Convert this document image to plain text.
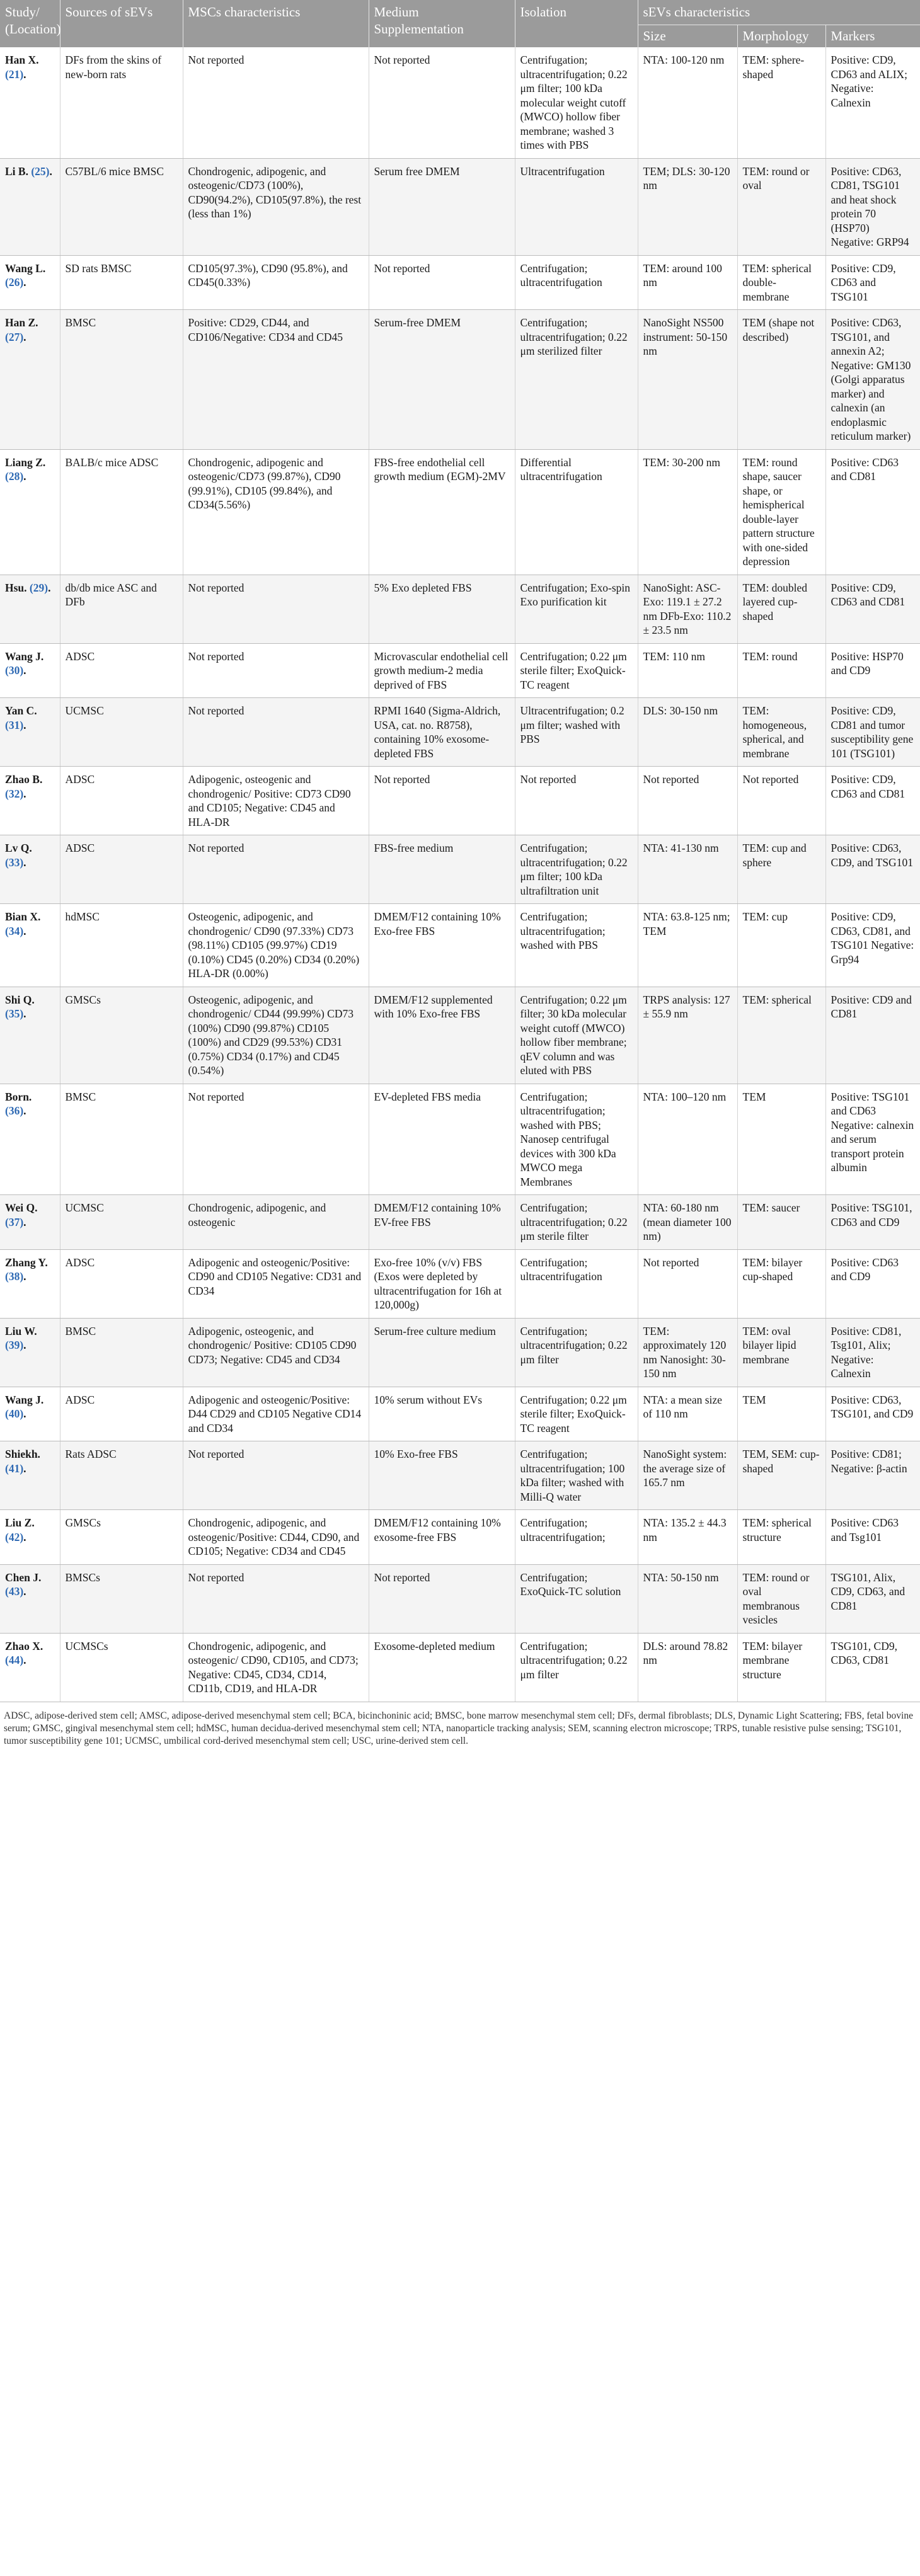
Study/ (Location)	Sources of sEVs	MSCs characteristics	Medium Supplementation	Isolation	sEVs characteristics		
					Size	Morphology	Markers
Han X. (21).	DFs from the skins of new-born rats	Not reported	Not reported	Centrifugation; ultracentrifugation; 0.22 μm filter; 100 kDa molecular weight cutoff (MWCO) hollow fiber membrane; washed 3 times with PBS	NTA: 100-120 nm	TEM: sphere-shaped	Positive: CD9, CD63 and ALIX; Negative: Calnexin
Li B. (25).	C57BL/6 mice BMSC	Chondrogenic, adipogenic, and osteogenic/CD73 (100%), CD90(94.2%), CD105(97.8%), the rest (less than 1%)	Serum free DMEM	Ultracentrifugation	TEM; DLS: 30-120 nm	TEM: round or oval	Positive: CD63, CD81, TSG101 and heat shock protein 70 (HSP70) Negative: GRP94
Wang L. (26).	SD rats BMSC	CD105(97.3%), CD90 (95.8%), and CD45(0.33%)	Not reported	Centrifugation; ultracentrifugation	TEM: around 100 nm	TEM: spherical double-membrane	Positive: CD9, CD63 and TSG101
Han Z. (27).	BMSC	Positive: CD29, CD44, and CD106/Negative: CD34 and CD45	Serum-free DMEM	Centrifugation; ultracentrifugation; 0.22 μm sterilized filter	NanoSight NS500 instrument: 50-150 nm	TEM (shape not described)	Positive: CD63, TSG101, and annexin A2; Negative: GM130 (Golgi apparatus marker) and calnexin (an endoplasmic reticulum marker)
Liang Z. (28).	BALB/c mice ADSC	Chondrogenic, adipogenic and osteogenic/CD73 (99.87%), CD90 (99.91%), CD105 (99.84%), and CD34(5.56%)	FBS-free endothelial cell growth medium (EGM)-2MV	Differential ultracentrifugation	TEM: 30-200 nm	TEM: round shape, saucer shape, or hemispherical double-layer pattern structure with one-sided depression	Positive: CD63 and CD81
Hsu. (29).	db/db mice ASC and DFb	Not reported	5% Exo depleted FBS	Centrifugation; Exo-spin Exo purification kit	NanoSight: ASC-Exo: 119.1 ± 27.2 nm DFb-Exo: 110.2 ± 23.5 nm	TEM: doubled layered cup-shaped	Positive: CD9, CD63 and CD81
Wang J. (30).	ADSC	Not reported	Microvascular endothelial cell growth medium-2 media deprived of FBS	Centrifugation; 0.22 μm sterile filter; ExoQuick-TC reagent	TEM: 110 nm	TEM: round	Positive: HSP70 and CD9
Yan C. (31).	UCMSC	Not reported	RPMI 1640 (Sigma-Aldrich, USA, cat. no. R8758), containing 10% exosome-depleted FBS	Ultracentrifugation; 0.2 μm filter; washed with PBS	DLS: 30-150 nm	TEM: homogeneous, spherical, and membrane	Positive: CD9, CD81 and tumor susceptibility gene 101 (TSG101)
Zhao B. (32).	ADSC	Adipogenic, osteogenic and chondrogenic/ Positive: CD73 CD90 and CD105; Negative: CD45 and HLA-DR	Not reported	Not reported	Not reported	Not reported	Positive: CD9, CD63 and CD81
Lv Q. (33).	ADSC	Not reported	FBS-free medium	Centrifugation; ultracentrifugation; 0.22 μm filter; 100 kDa ultrafiltration unit	NTA: 41-130 nm	TEM: cup and sphere	Positive: CD63, CD9, and TSG101
Bian X. (34).	hdMSC	Osteogenic, adipogenic, and chondrogenic/ CD90 (97.33%) CD73 (98.11%) CD105 (99.97%) CD19 (0.10%) CD45 (0.20%) CD34 (0.20%) HLA-DR (0.00%)	DMEM/F12 containing 10% Exo-free FBS	Centrifugation; ultracentrifugation; washed with PBS	NTA: 63.8-125 nm; TEM	TEM: cup	Positive: CD9, CD63, CD81, and TSG101 Negative: Grp94
Shi Q. (35).	GMSCs	Osteogenic, adipogenic, and chondrogenic/ CD44 (99.99%) CD73 (100%) CD90 (99.87%) CD105 (100%) and CD29 (99.53%) CD31 (0.75%) CD34 (0.17%) and CD45 (0.54%)	DMEM/F12 supplemented with 10% Exo-free FBS	Centrifugation; 0.22 μm filter; 30 kDa molecular weight cutoff (MWCO) hollow fiber membrane; qEV column and was eluted with PBS	TRPS analysis: 127 ± 55.9 nm	TEM: spherical	Positive: CD9 and CD81
Born. (36).	BMSC	Not reported	EV-depleted FBS media	Centrifugation; ultracentrifugation; washed with PBS; Nanosep centrifugal devices with 300 kDa MWCO mega Membranes	NTA: 100–120 nm	TEM	Positive: TSG101 and CD63 Negative: calnexin and serum transport protein albumin
Wei Q. (37).	UCMSC	Chondrogenic, adipogenic, and osteogenic	DMEM/F12 containing 10% EV-free FBS	Centrifugation; ultracentrifugation; 0.22 μm sterile filter	NTA: 60-180 nm (mean diameter 100 nm)	TEM: saucer	Positive: TSG101, CD63 and CD9
Zhang Y. (38).	ADSC	Adipogenic and osteogenic/Positive: CD90 and CD105 Negative: CD31 and CD34	Exo-free 10% (v/v) FBS (Exos were depleted by ultracentrifugation for 16h at 120,000g)	Centrifugation; ultracentrifugation	Not reported	TEM: bilayer cup-shaped	Positive: CD63 and CD9
Liu W. (39).	BMSC	Adipogenic, osteogenic, and chondrogenic/ Positive: CD105 CD90 CD73; Negative: CD45 and CD34	Serum-free culture medium	Centrifugation; ultracentrifugation; 0.22 μm filter	TEM: approximately 120 nm Nanosight: 30-150 nm	TEM: oval bilayer lipid membrane	Positive: CD81, Tsg101, Alix; Negative: Calnexin
Wang J. (40).	ADSC	Adipogenic and osteogenic/Positive: D44 CD29 and CD105 Negative CD14 and CD34	10% serum without EVs	Centrifugation; 0.22 μm sterile filter; ExoQuick-TC reagent	NTA: a mean size of 110 nm	TEM	Positive: CD63, TSG101, and CD9
Shiekh. (41).	Rats ADSC	Not reported	10% Exo-free FBS	Centrifugation; ultracentrifugation; 100 kDa filter; washed with Milli-Q water	NanoSight system: the average size of 165.7 nm	TEM, SEM: cup-shaped	Positive: CD81; Negative: β-actin
Liu Z. (42).	GMSCs	Chondrogenic, adipogenic, and osteogenic/Positive: CD44, CD90, and CD105; Negative: CD34 and CD45	DMEM/F12 containing 10% exosome-free FBS	Centrifugation; ultracentrifugation;	NTA: 135.2 ± 44.3 nm	TEM: spherical structure	Positive: CD63 and Tsg101
Chen J. (43).	BMSCs	Not reported	Not reported	Centrifugation; ExoQuick-TC solution	NTA: 50-150 nm	TEM: round or oval membranous vesicles	TSG101, Alix, CD9, CD63, and CD81
Zhao X. (44).	UCMSCs	Chondrogenic, adipogenic, and osteogenic/ CD90, CD105, and CD73; Negative: CD45, CD34, CD14, CD11b, CD19, and HLA-DR	Exosome-depleted medium	Centrifugation; ultracentrifugation; 0.22 μm filter	DLS: around 78.82 nm	TEM: bilayer membrane structure	TSG101, CD9, CD63, CD81
ADSC, adipose-derived stem cell; AMSC, adipose-derived mesenchymal stem cell; BCA, bicinchoninic acid; BMSC, bone marrow mesenchymal stem cell; DFs, dermal fibroblasts; DLS, Dynamic Light Scattering; FBS, fetal bovine serum; GMSC, gingival mesenchymal stem cell; hdMSC, human decidua-derived mesenchymal stem cell; NTA, nanoparticle tracking analysis; SEM, scanning electron microscope; TRPS, tunable resistive pulse sensing; TSG101, tumor susceptibility gene 101; UCMSC, umbilical cord-derived mesenchymal stem cell; USC, urine-derived stem cell.
